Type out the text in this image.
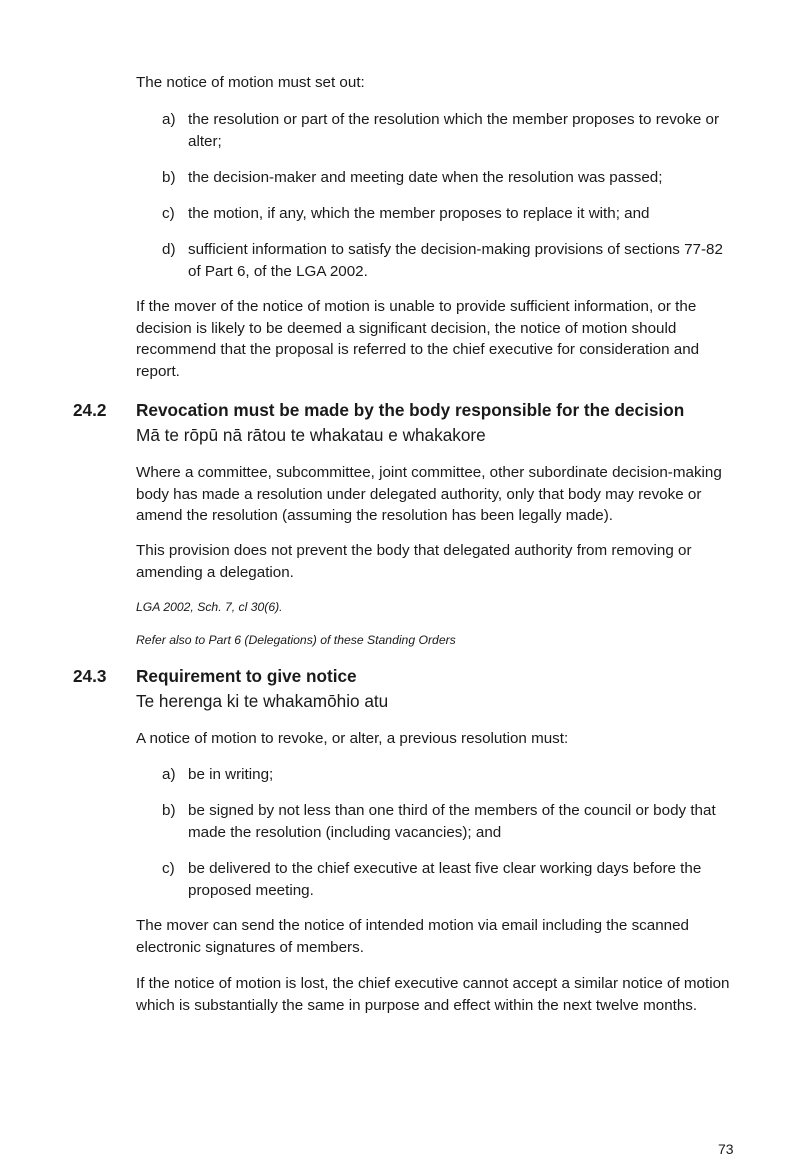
The notice of motion must set out:

a) the resolution or part of the resolution which the member proposes to revoke or alter;
b) the decision-maker and meeting date when the resolution was passed;
c) the motion, if any, which the member proposes to replace it with; and
d) sufficient information to satisfy the decision-making provisions of sections 77-82 of Part 6, of the LGA 2002.

If the mover of the notice of motion is unable to provide sufficient information, or the decision is likely to be deemed a significant decision, the notice of motion should recommend that the proposal is referred to the chief executive for consideration and report.

24.2 Revocation must be made by the body responsible for the decision
Mā te rōpū nā rātou te whakatau e whakakore

Where a committee, subcommittee, joint committee, other subordinate decision-making body has made a resolution under delegated authority, only that body may revoke or amend the resolution (assuming the resolution has been legally made).

This provision does not prevent the body that delegated authority from removing or amending a delegation.

LGA 2002, Sch. 7, cl 30(6).
Refer also to Part 6 (Delegations) of these Standing Orders
24.3 Requirement to give notice
Te herenga ki te whakamōhio atu

A notice of motion to revoke, or alter, a previous resolution must:

a) be in writing;
b) be signed by not less than one third of the members of the council or body that made the resolution (including vacancies); and
c) be delivered to the chief executive at least five clear working days before the proposed meeting.

The mover can send the notice of intended motion via email including the scanned electronic signatures of members.

If the notice of motion is lost, the chief executive cannot accept a similar notice of motion which is substantially the same in purpose and effect within the next twelve months.

73
